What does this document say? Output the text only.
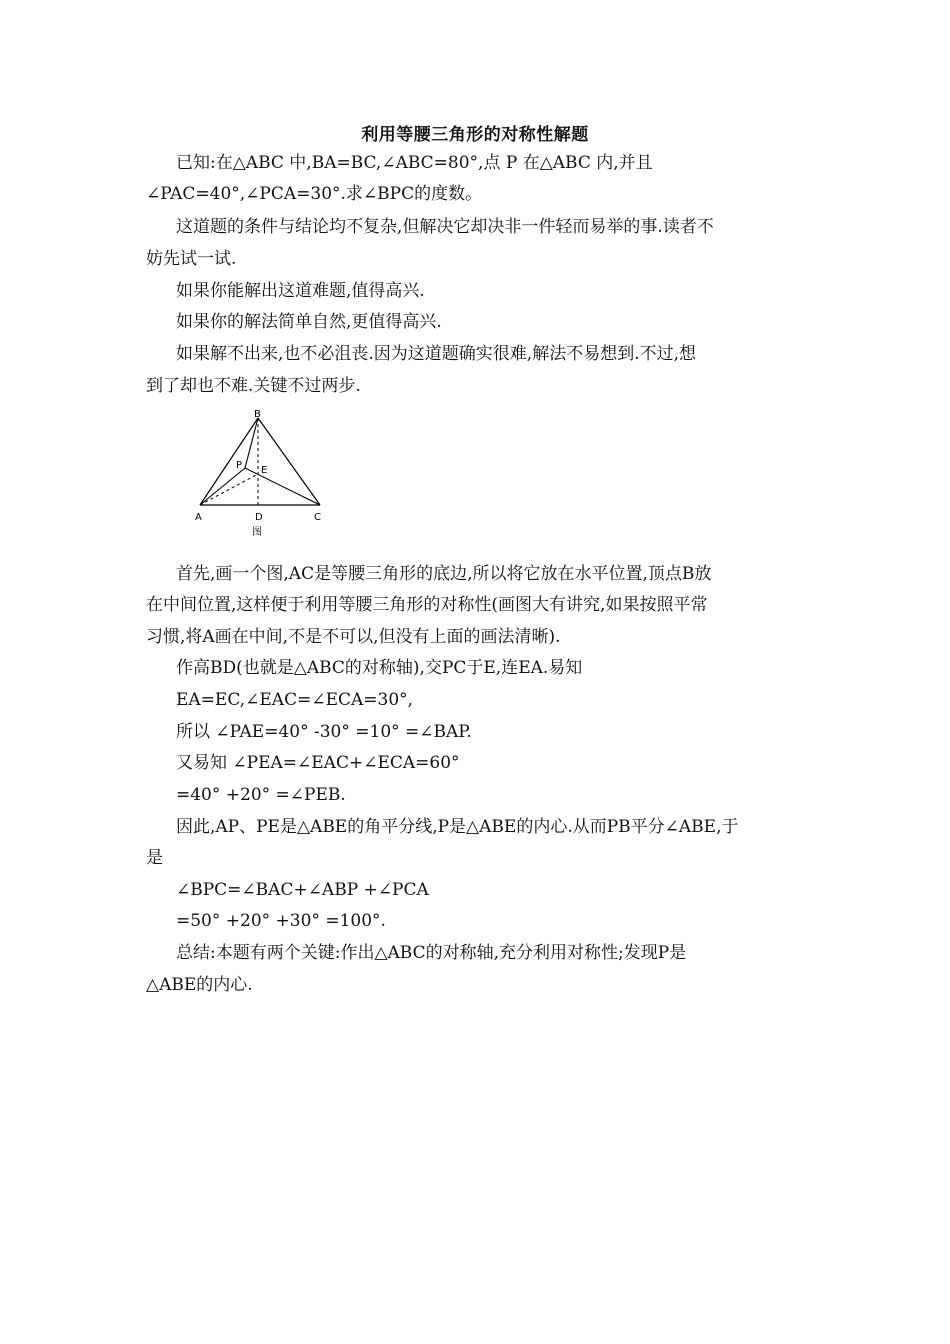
利用等腰三角形的对称性解题
已知:在△ABC 中,BA=BC,∠ABC=80°,点 P 在△ABC 内,并且
∠PAC=40°,∠PCA=30°.求∠BPC的度数。
这道题的条件与结论均不复杂,但解决它却决非一件轻而易举的事.读者不
妨先试一试.
如果你能解出这道难题,值得高兴.
如果你的解法简单自然,更值得高兴.
如果解不出来,也不必沮丧.因为这道题确实很难,解法不易想到.不过,想
到了却也不难.关键不过两步.
B
P E
A	D	C
图
首先,画一个图,AC是等腰三角形的底边,所以将它放在水平位置,顶点B放
在中间位置,这样便于利用等腰三角形的对称性(画图大有讲究,如果按照平常
习惯,将A画在中间,不是不可以,但没有上面的画法清晰).
作高BD(也就是△ABC的对称轴),交PC于E,连EA.易知
EA=EC,∠EAC=∠ECA=30°,
所以 ∠PAE=40° -30° =10° =∠BAP.
又易知 ∠PEA=∠EAC+∠ECA=60°
=40° +20° =∠PEB.
因此,AP、PE是△ABE的角平分线,P是△ABE的内心.从而PB平分∠ABE,于
是
∠BPC=∠BAC+∠ABP +∠PCA
=50° +20° +30° =100°.
总结:本题有两个关键:作出△ABC的对称轴,充分利用对称性;发现P是
△ABE的内心.
